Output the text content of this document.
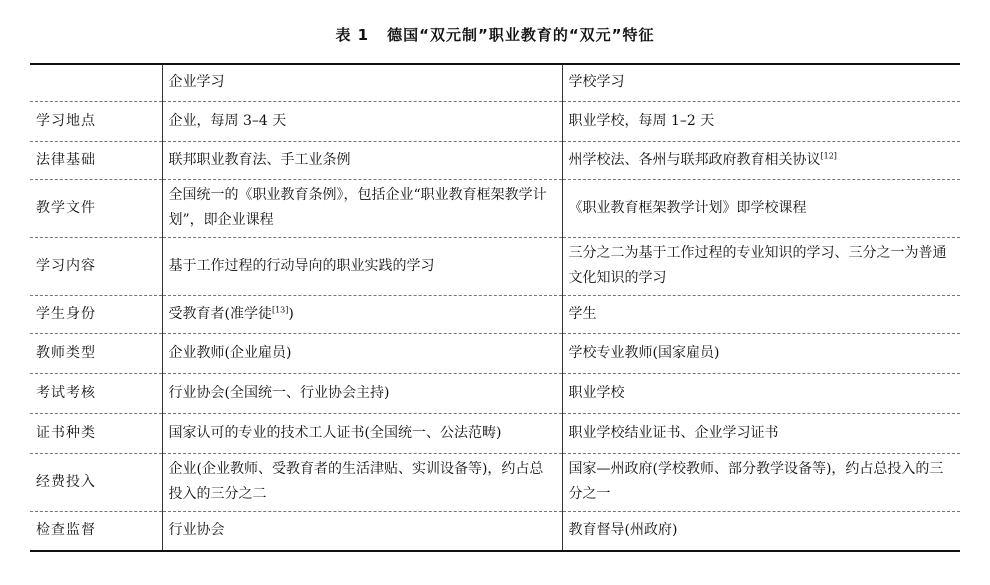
表 1 德国“双元制”职业教育的“双元”特征
	企业学习	学校学习
学习地点	企业，每周 3–4 天	职业学校，每周 1–2 天
法律基础	联邦职业教育法、手工业条例	州学校法、各州与联邦政府教育相关协议[12]
教学文件	全国统一的《职业教育条例》，包括企业“职业教育框架教学计划”，即企业课程	《职业教育框架教学计划》即学校课程
学习内容	基于工作过程的行动导向的职业实践的学习	三分之二为基于工作过程的专业知识的学习、三分之一为普通文化知识的学习
学生身份	受教育者(准学徒[13])	学生
教师类型	企业教师(企业雇员)	学校专业教师(国家雇员)
考试考核	行业协会(全国统一、行业协会主持)	职业学校
证书种类	国家认可的专业的技术工人证书(全国统一、公法范畴)	职业学校结业证书、企业学习证书
经费投入	企业(企业教师、受教育者的生活津贴、实训设备等)，约占总投入的三分之二	国家—州政府(学校教师、部分教学设备等)，约占总投入的三分之一
检查监督	行业协会	教育督导(州政府)
